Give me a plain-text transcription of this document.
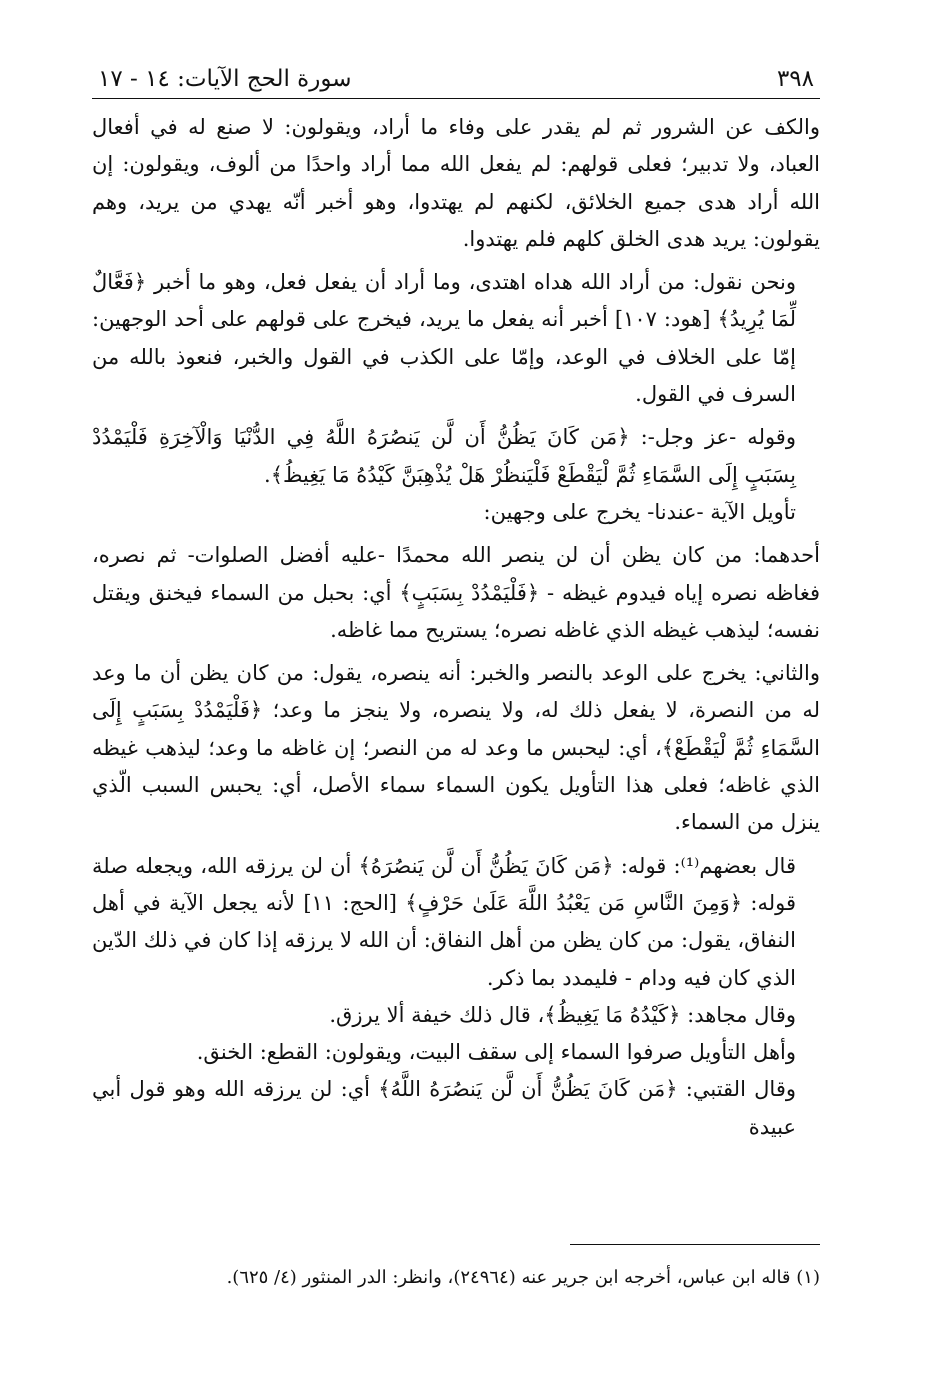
٣٩٨
سورة الحج الآيات: ١٤ - ١٧

والكف عن الشرور ثم لم يقدر على وفاء ما أراد، ويقولون: لا صنع له في أفعال العباد، ولا تدبير؛ فعلى قولهم: لم يفعل الله مما أراد واحدًا من ألوف، ويقولون: إن الله أراد هدى جميع الخلائق، لكنهم لم يهتدوا، وهو أخبر أنّه يهدي من يريد، وهم يقولون: يريد هدى الخلق كلهم فلم يهتدوا.

ونحن نقول: من أراد الله هداه اهتدى، وما أراد أن يفعل فعل، وهو ما أخبر ﴿فَعَّالٌ لِّمَا يُرِيدُ﴾ [هود: ١٠٧] أخبر أنه يفعل ما يريد، فيخرج على قولهم على أحد الوجهين: إمّا على الخلاف في الوعد، وإمّا على الكذب في القول والخبر، فنعوذ بالله من السرف في القول.

وقوله -عز وجل-: ﴿مَن كَانَ يَظُنُّ أَن لَّن يَنصُرَهُ اللَّهُ فِي الدُّنْيَا وَالْآخِرَةِ فَلْيَمْدُدْ بِسَبَبٍ إِلَى السَّمَاءِ ثُمَّ لْيَقْطَعْ فَلْيَنظُرْ هَلْ يُذْهِبَنَّ كَيْدُهُ مَا يَغِيظُ﴾.

تأويل الآية -عندنا- يخرج على وجهين:

أحدهما: من كان يظن أن لن ينصر الله محمدًا -عليه أفضل الصلوات- ثم نصره، فغاظه نصره إياه فيدوم غيظه - ﴿فَلْيَمْدُدْ بِسَبَبٍ﴾ أي: بحبل من السماء فيخنق ويقتل نفسه؛ ليذهب غيظه الذي غاظه نصره؛ يستريح مما غاظه.

والثاني: يخرج على الوعد بالنصر والخبر: أنه ينصره، يقول: من كان يظن أن ما وعد له من النصرة، لا يفعل ذلك له، ولا ينصره، ولا ينجز ما وعد؛ ﴿فَلْيَمْدُدْ بِسَبَبٍ إِلَى السَّمَاءِ ثُمَّ لْيَقْطَعْ﴾، أي: ليحبس ما وعد له من النصر؛ إن غاظه ما وعد؛ ليذهب غيظه الذي غاظه؛ فعلى هذا التأويل يكون السماء سماء الأصل، أي: يحبس السبب الّذي ينزل من السماء.

قال بعضهم⁽¹⁾: قوله: ﴿مَن كَانَ يَظُنُّ أَن لَّن يَنصُرَهُ﴾ أن لن يرزقه الله، ويجعله صلة قوله: ﴿وَمِنَ النَّاسِ مَن يَعْبُدُ اللَّهَ عَلَىٰ حَرْفٍ﴾ [الحج: ١١] لأنه يجعل الآية في أهل النفاق، يقول: من كان يظن من أهل النفاق: أن الله لا يرزقه إذا كان في ذلك الدّين الذي كان فيه ودام - فليمدد بما ذكر.

وقال مجاهد: ﴿كَيْدُهُ مَا يَغِيظُ﴾، قال ذلك خيفة ألا يرزق.

وأهل التأويل صرفوا السماء إلى سقف البيت، ويقولون: القطع: الخنق.

وقال القتبي: ﴿مَن كَانَ يَظُنُّ أَن لَّن يَنصُرَهُ اللَّهُ﴾ أي: لن يرزقه الله وهو قول أبي عبيدة

(١) قاله ابن عباس، أخرجه ابن جرير عنه (٢٤٩٦٤)، وانظر: الدر المنثور (٤/ ٦٢٥).
